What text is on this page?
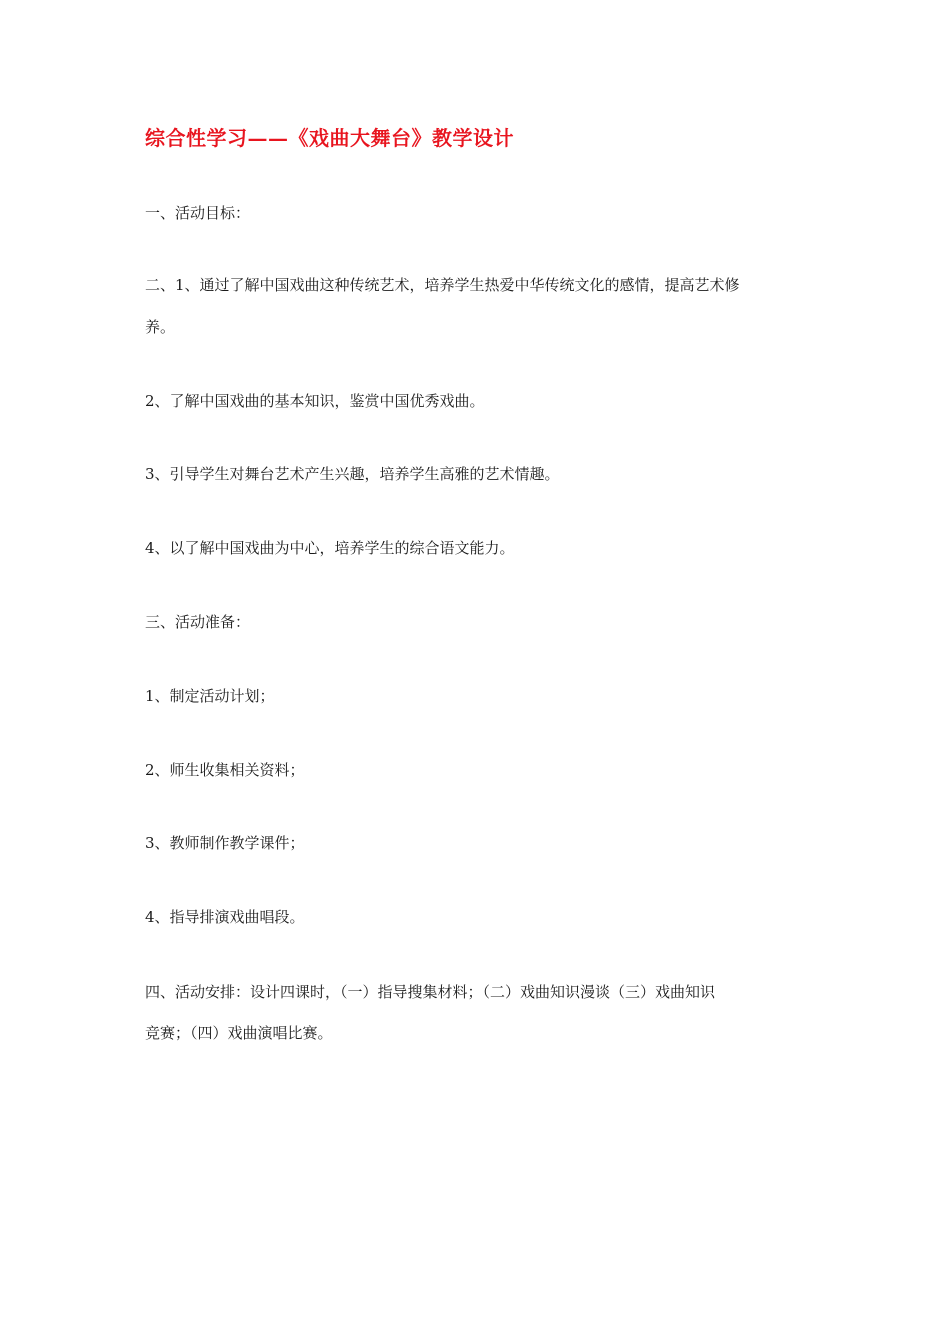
综合性学习——《戏曲大舞台》教学设计
一、活动目标：
二、1、通过了解中国戏曲这种传统艺术，培养学生热爱中华传统文化的感情，提高艺术修
养。
2、了解中国戏曲的基本知识，鉴赏中国优秀戏曲。
3、引导学生对舞台艺术产生兴趣，培养学生高雅的艺术情趣。
4、以了解中国戏曲为中心，培养学生的综合语文能力。
三、活动准备：
1、制定活动计划；
2、师生收集相关资料；
3、教师制作教学课件；
4、指导排演戏曲唱段。
四、活动安排：设计四课时，（一）指导搜集材料；（二）戏曲知识漫谈（三）戏曲知识
竞赛；（四）戏曲演唱比赛。
